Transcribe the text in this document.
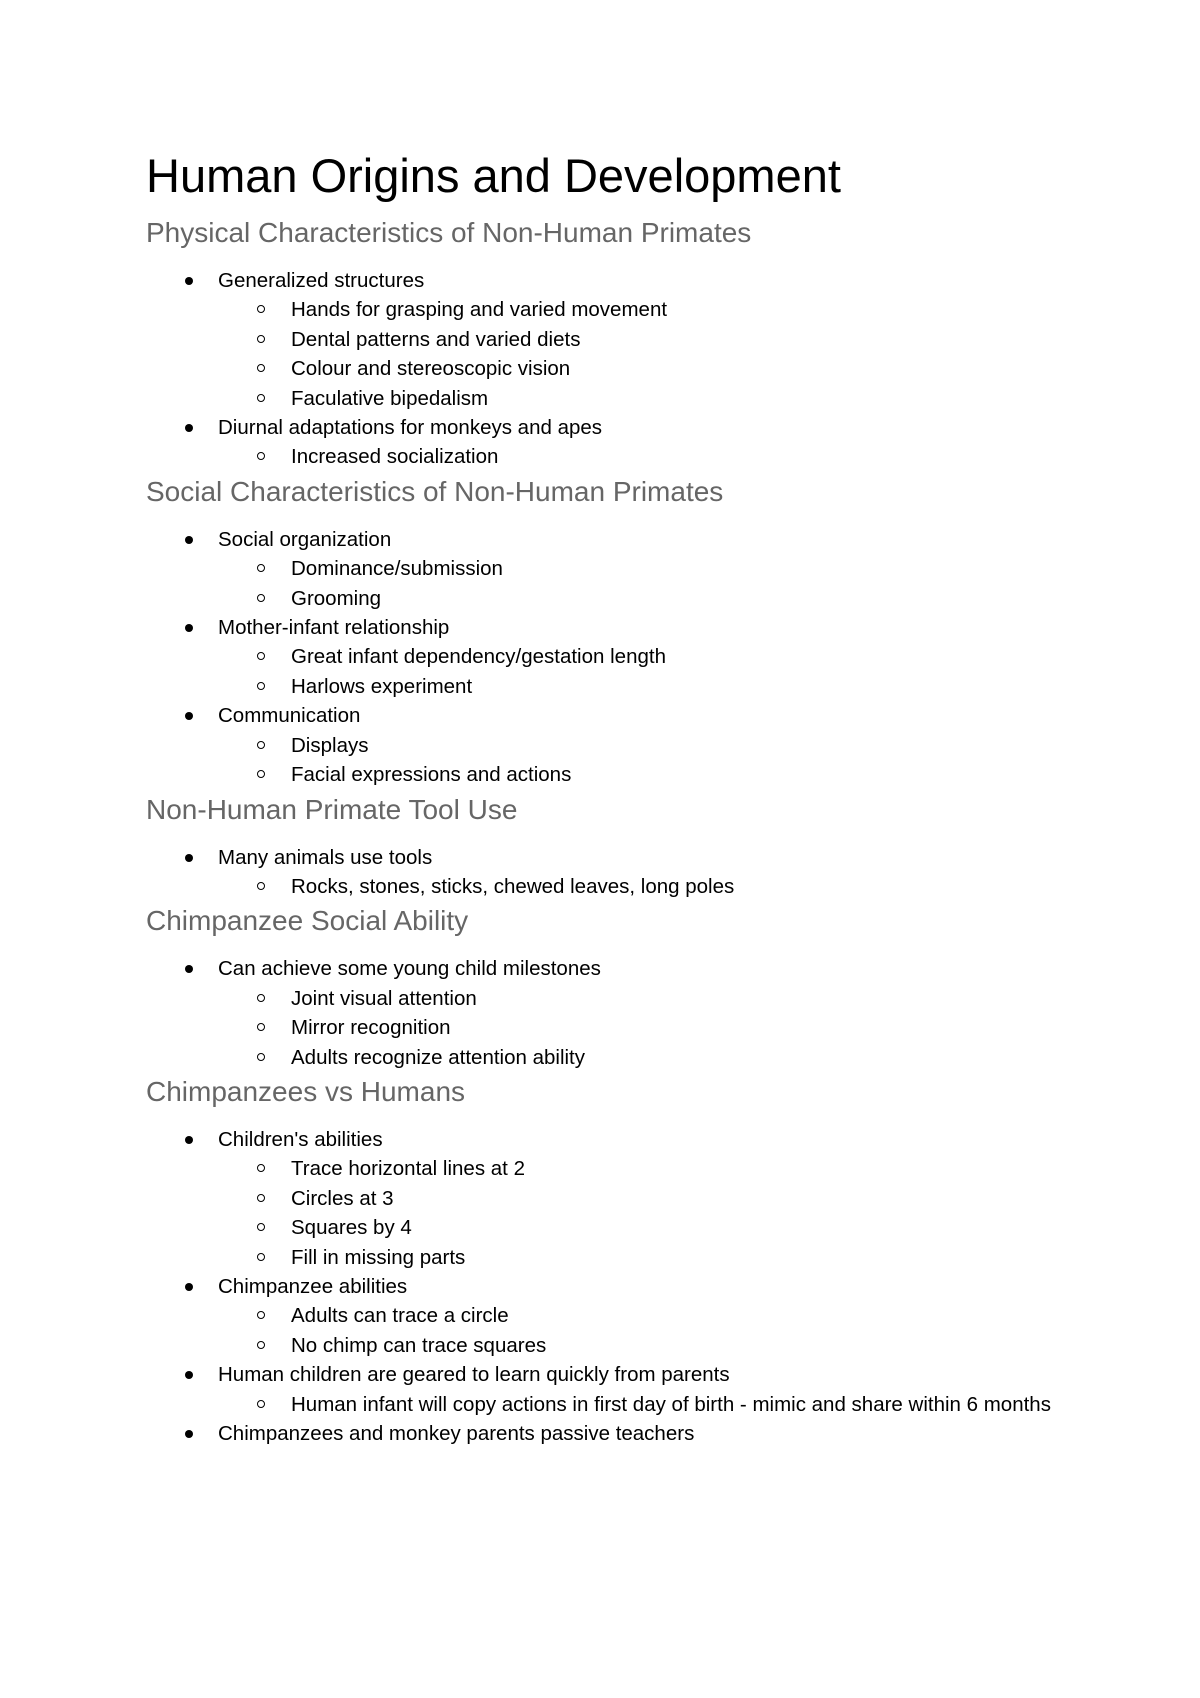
Human Origins and Development
Physical Characteristics of Non-Human Primates
Generalized structures
Hands for grasping and varied movement
Dental patterns and varied diets
Colour and stereoscopic vision
Faculative bipedalism
Diurnal adaptations for monkeys and apes
Increased socialization
Social Characteristics of Non-Human Primates
Social organization
Dominance/submission
Grooming
Mother-infant relationship
Great infant dependency/gestation length
Harlows experiment
Communication
Displays
Facial expressions and actions
Non-Human Primate Tool Use
Many animals use tools
Rocks, stones, sticks, chewed leaves, long poles
Chimpanzee Social Ability
Can achieve some young child milestones
Joint visual attention
Mirror recognition
Adults recognize attention ability
Chimpanzees vs Humans
Children's abilities
Trace horizontal lines at 2
Circles at 3
Squares by 4
Fill in missing parts
Chimpanzee abilities
Adults can trace a circle
No chimp can trace squares
Human children are geared to learn quickly from parents
Human infant will copy actions in first day of birth - mimic and share within 6 months
Chimpanzees and monkey parents passive teachers
